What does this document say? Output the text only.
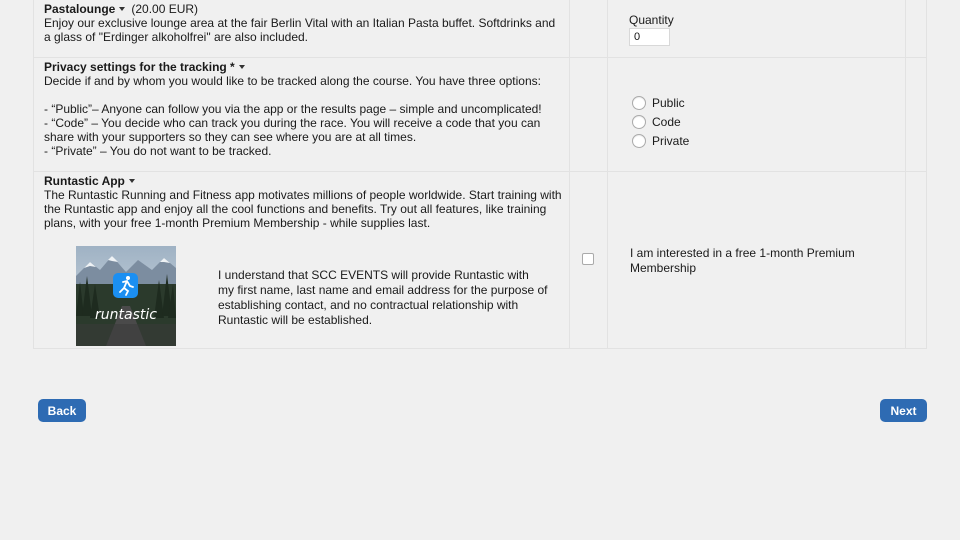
Pastalounge (20.00 EUR)

Enjoy our exclusive lounge area at the fair Berlin Vital with an Italian Pasta buffet. Softdrinks and a glass of "Erdinger alkoholfrei" are also included.

Privacy settings for the tracking *

Decide if and by whom you would like to be tracked along the course. You have three options:

- “Public”– Anyone can follow you via the app or the results page – simple and uncomplicated!

- “Code” – You decide who can track you during the race. You will receive a code that you can share with your supporters so they can see where you are at all times.

- “Private” – You do not want to be tracked.

Runtastic App

The Runtastic Running and Fitness app motivates millions of people worldwide. Start training with the Runtastic app and enjoy all the cool functions and benefits. Try out all features, like training plans, with your free 1-month Premium Membership - while supplies last.

Quantity
0
Public
Code
Private
runtastic

I understand that SCC EVENTS will provide Runtastic with my first name, last name and email address for the purpose of establishing contact, and no contractual relationship with Runtastic will be established.

I am interested in a free 1-month Premium Membership

Back	Next
